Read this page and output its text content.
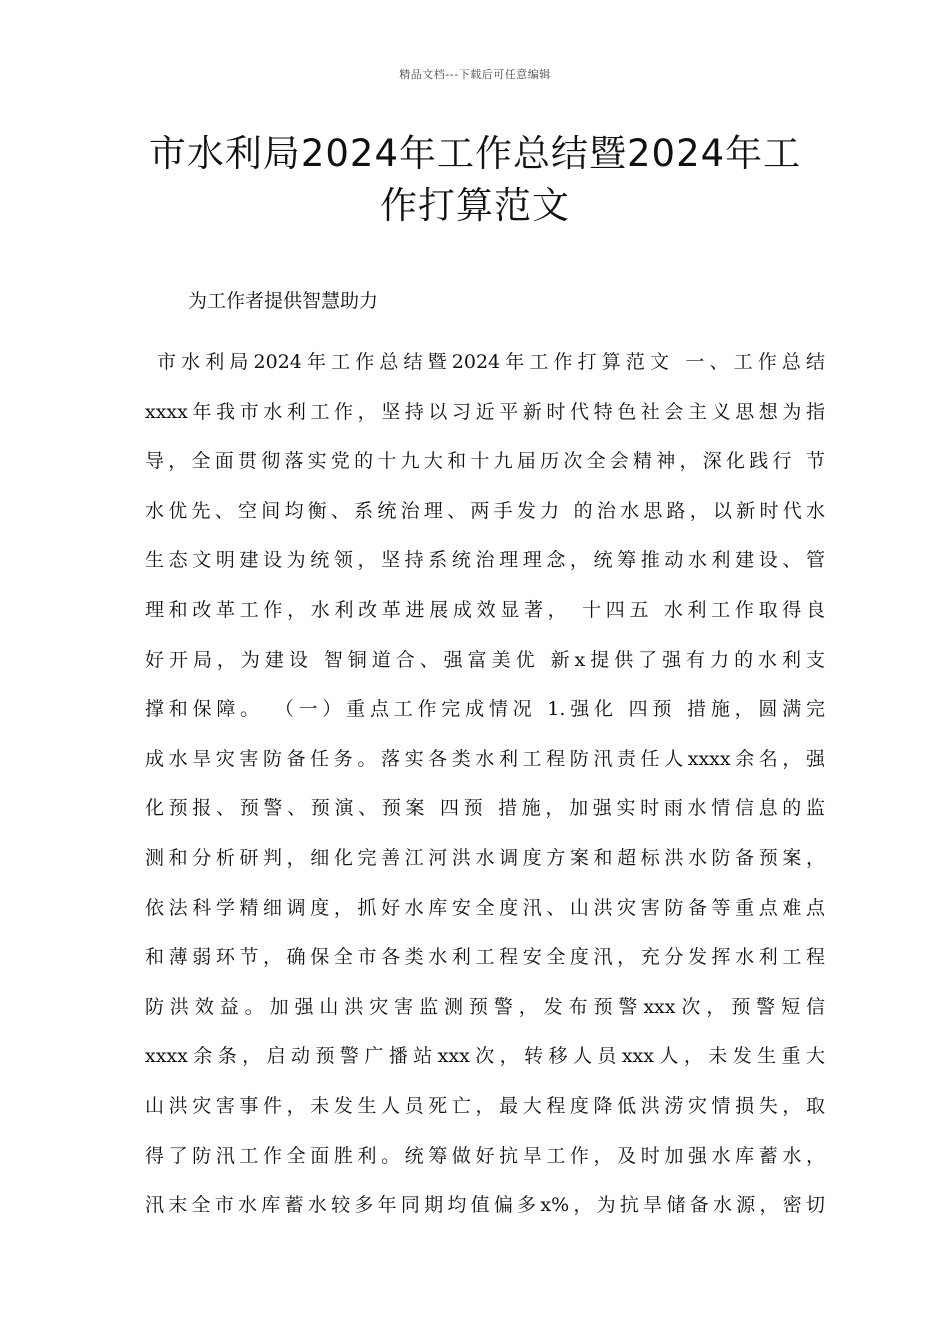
精品文档---下载后可任意编辑
市水利局2024年工作总结暨2024年工
作打算范文
为工作者提供智慧助力
市水利局2024年工作总结暨2024年工作打算范文 一、工作总结
xxxx年我市水利工作，坚持以习近平新时代特色社会主义思想为指
导，全面贯彻落实党的十九大和十九届历次全会精神，深化践行 节
水优先、空间均衡、系统治理、两手发力 的治水思路，以新时代水
生态文明建设为统领，坚持系统治理理念，统筹推动水利建设、管
理和改革工作，水利改革进展成效显著， 十四五 水利工作取得良
好开局，为建设 智铜道合、强富美优 新x提供了强有力的水利支
撑和保障。 （一）重点工作完成情况 1.强化 四预 措施，圆满完
成水旱灾害防备任务。落实各类水利工程防汛责任人xxxx余名，强
化预报、预警、预演、预案 四预 措施，加强实时雨水情信息的监
测和分析研判，细化完善江河洪水调度方案和超标洪水防备预案，
依法科学精细调度，抓好水库安全度汛、山洪灾害防备等重点难点
和薄弱环节，确保全市各类水利工程安全度汛，充分发挥水利工程
防洪效益。加强山洪灾害监测预警，发布预警xxx次，预警短信
xxxx余条，启动预警广播站xxx次，转移人员xxx人，未发生重大
山洪灾害事件，未发生人员死亡，最大程度降低洪涝灾情损失，取
得了防汛工作全面胜利。统筹做好抗旱工作，及时加强水库蓄水，
汛末全市水库蓄水较多年同期均值偏多x%，为抗旱储备水源，密切
